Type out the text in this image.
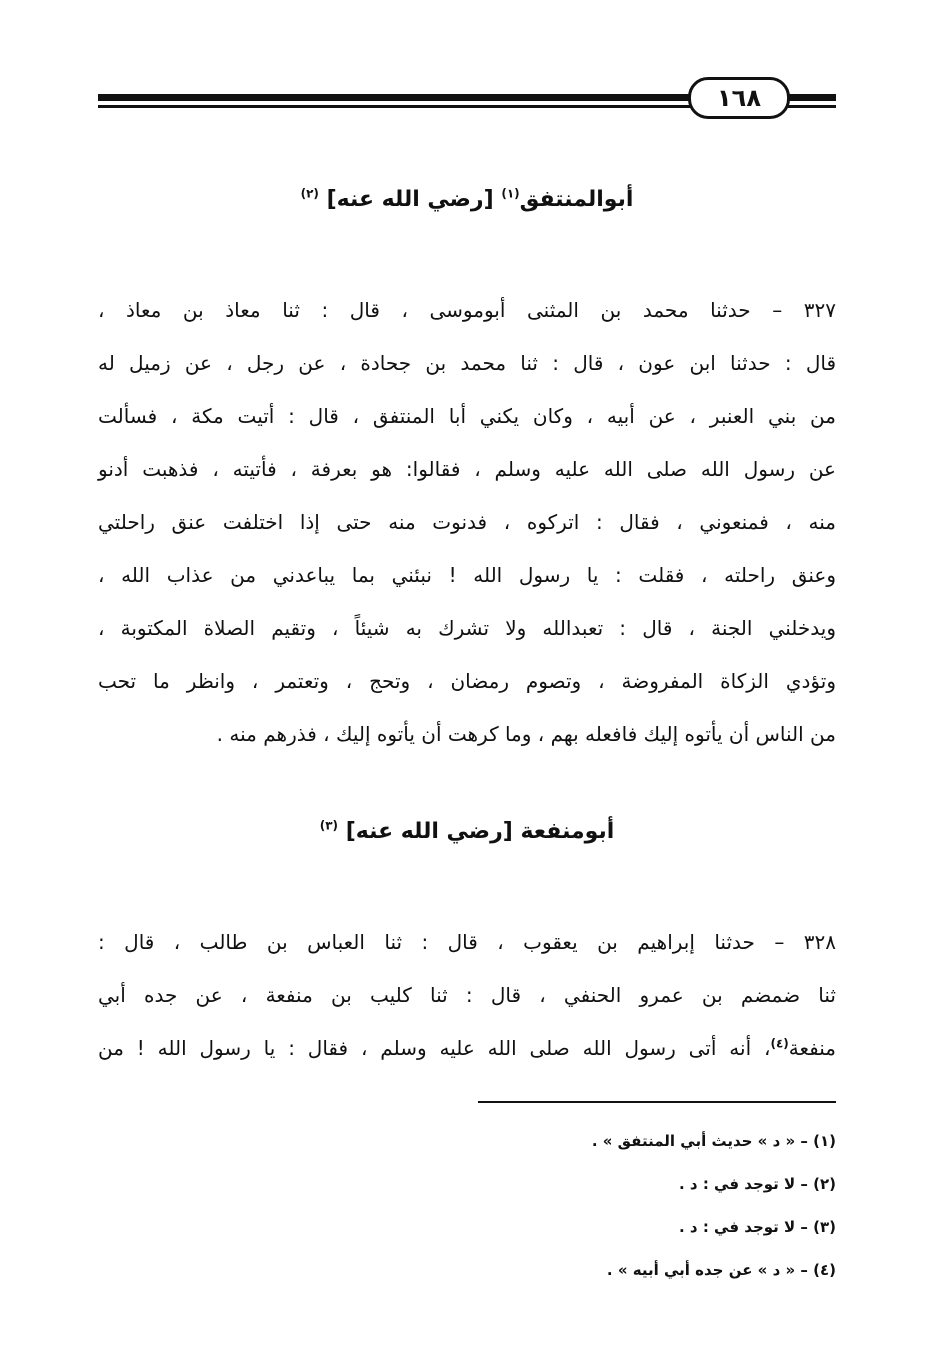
١٦٨
أبوالمنتفق$^{(١)}$ [رضي الله عنه] $^{(٢)}$
٣٢٧ – حدثنا محمد بن المثنى أبوموسى ، قال : ثنا معاذ بن معاذ ،
قال : حدثنا ابن عون ، قال : ثنا محمد بن جحادة ، عن رجل ، عن زميل له
من بني العنبر ، عن أبيه ، وكان يكني أبا المنتفق ، قال : أتيت مكة ، فسألت
عن رسول الله صلى الله عليه وسلم ، فقالوا: هو بعرفة ، فأتيته ، فذهبت أدنو
منه ، فمنعوني ، فقال : اتركوه ، فدنوت منه حتى إذا اختلفت عنق راحلتي
وعنق راحلته ، فقلت : يا رسول الله ! نبئني بما يباعدني من عذاب الله ،
ويدخلني الجنة ، قال : تعبدالله ولا تشرك به شيئاً ، وتقيم الصلاة المكتوبة ،
وتؤدي الزكاة المفروضة ، وتصوم رمضان ، وتحج ، وتعتمر ، وانظر ما تحب
من الناس أن يأتوه إليك فافعله بهم ، وما كرهت أن يأتوه إليك ، فذرهم منه .
أبومنفعة [رضي الله عنه] $^{(٣)}$
٣٢٨ – حدثنا إبراهيم بن يعقوب ، قال : ثنا العباس بن طالب ، قال :
ثنا ضمضم بن عمرو الحنفي ، قال : ثنا كليب بن منفعة ، عن جده أبي
منفعة$^{(٤)}$، أنه أتى رسول الله صلى الله عليه وسلم ، فقال : يا رسول الله ! من
(١) – « د » حديث أبي المنتفق » .
(٢) – لا توجد في : د .
(٣) – لا توجد في : د .
(٤) – « د » عن جده أبي أبيه » .
